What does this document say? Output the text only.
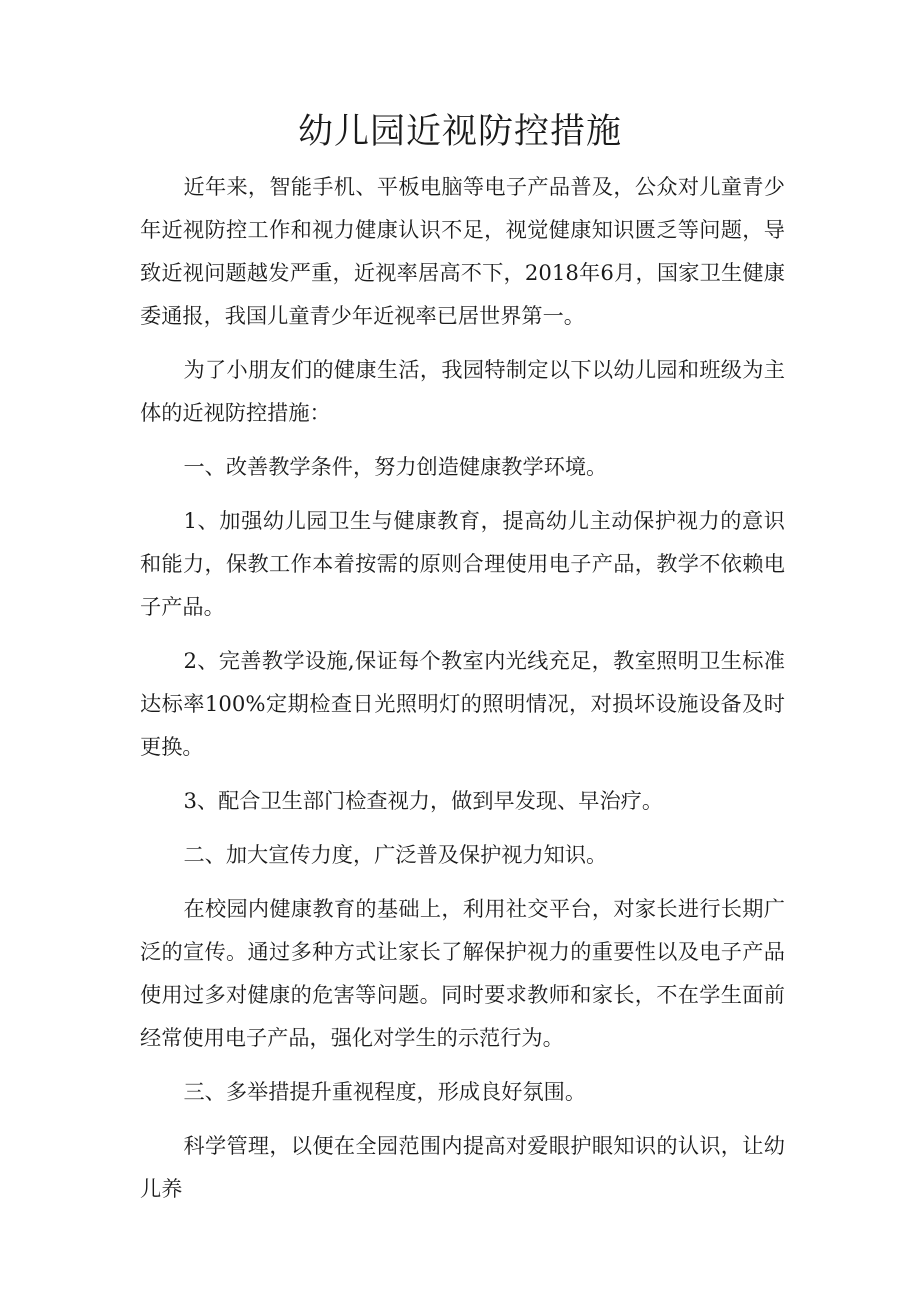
幼儿园近视防控措施

近年来，智能手机、平板电脑等电子产品普及，公众对儿童青少年近视防控工作和视力健康认识不足，视觉健康知识匮乏等问题，导致近视问题越发严重，近视率居高不下，2018年6月，国家卫生健康委通报，我国儿童青少年近视率已居世界第一。

为了小朋友们的健康生活，我园特制定以下以幼儿园和班级为主体的近视防控措施：

一、改善教学条件，努力创造健康教学环境。

1、加强幼儿园卫生与健康教育，提高幼儿主动保护视力的意识和能力，保教工作本着按需的原则合理使用电子产品，教学不依赖电子产品。

2、完善教学设施,保证每个教室内光线充足，教室照明卫生标准达标率100%定期检查日光照明灯的照明情况，对损坏设施设备及时更换。

3、配合卫生部门检查视力，做到早发现、早治疗。

二、加大宣传力度，广泛普及保护视力知识。

在校园内健康教育的基础上，利用社交平台，对家长进行长期广泛的宣传。通过多种方式让家长了解保护视力的重要性以及电子产品使用过多对健康的危害等问题。同时要求教师和家长，不在学生面前经常使用电子产品，强化对学生的示范行为。

三、多举措提升重视程度，形成良好氛围。

科学管理，以便在全园范围内提高对爱眼护眼知识的认识，让幼儿养
